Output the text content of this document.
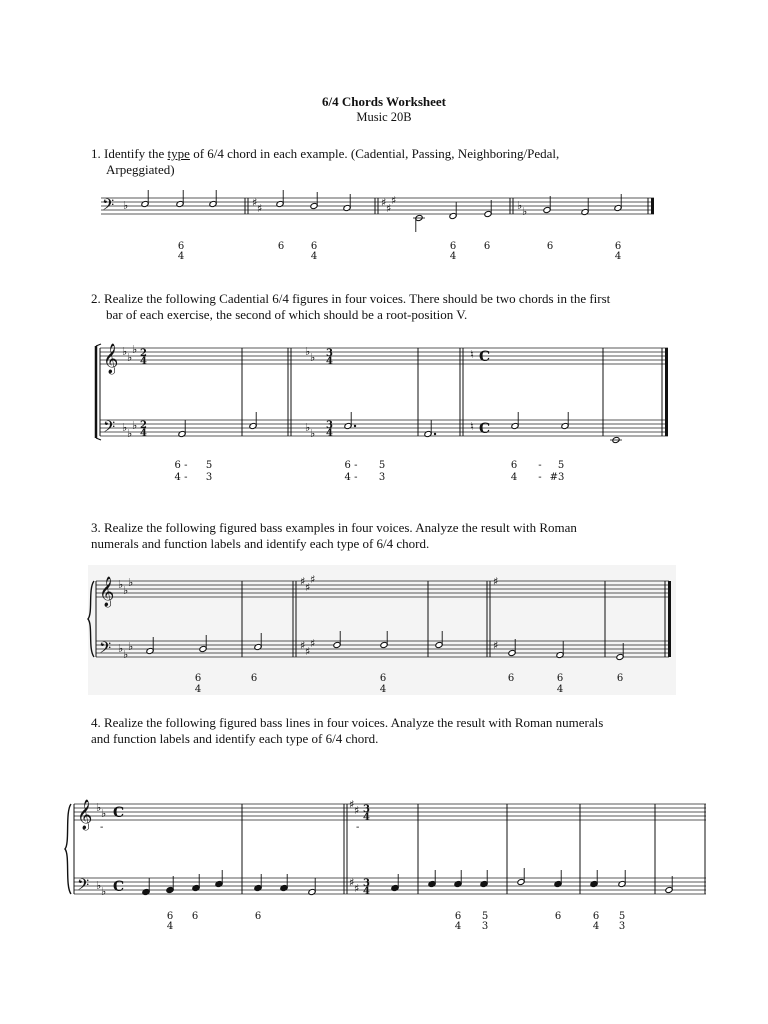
6/4 Chords Worksheet
Music 20B
1. Identify the type of 6/4 chord in each example. (Cadential, Passing, Neighboring/Pedal,
Arpeggiated)
2. Realize the following Cadential 6/4 figures in four voices. There should be two chords in the first
bar of each exercise, the second of which should be a root-position V.
3. Realize the following figured bass examples in four voices. Analyze the result with Roman
numerals and function labels and identify each type of 6/4 chord.
4. Realize the following figured bass lines in four voices. Analyze the result with Roman numerals
and function labels and identify each type of 6/4 chord.
𝄢 ♭	♯ ♯	♯ ♯
♯	♭ ♭
6
4
6	6
4
6
4
6	6	6
4
𝄞
𝄢
♭ ♭
♭
♭ ♭
♭
2
4
2
4
♭ ♭
♭ ♭
3
4
3
4
♮
♮
C
C
6 -
4 -
5
3
6 -
4 -
5
3
6
4
-
-
5
#3
𝄞
𝄢
♭ ♭
♭
♭ ♭
♭
♯ ♯
♯
♯ ♯
♯
♯
♯
6
4
6	6
4
6	6
4
6
𝄞
𝄢
♭ ♭
♭ ♭
C
C
-
♯ ♯
♯ ♯
3
4
3
4
-
6
4
6	6	6
4
5
3
6	6
4
5
3
